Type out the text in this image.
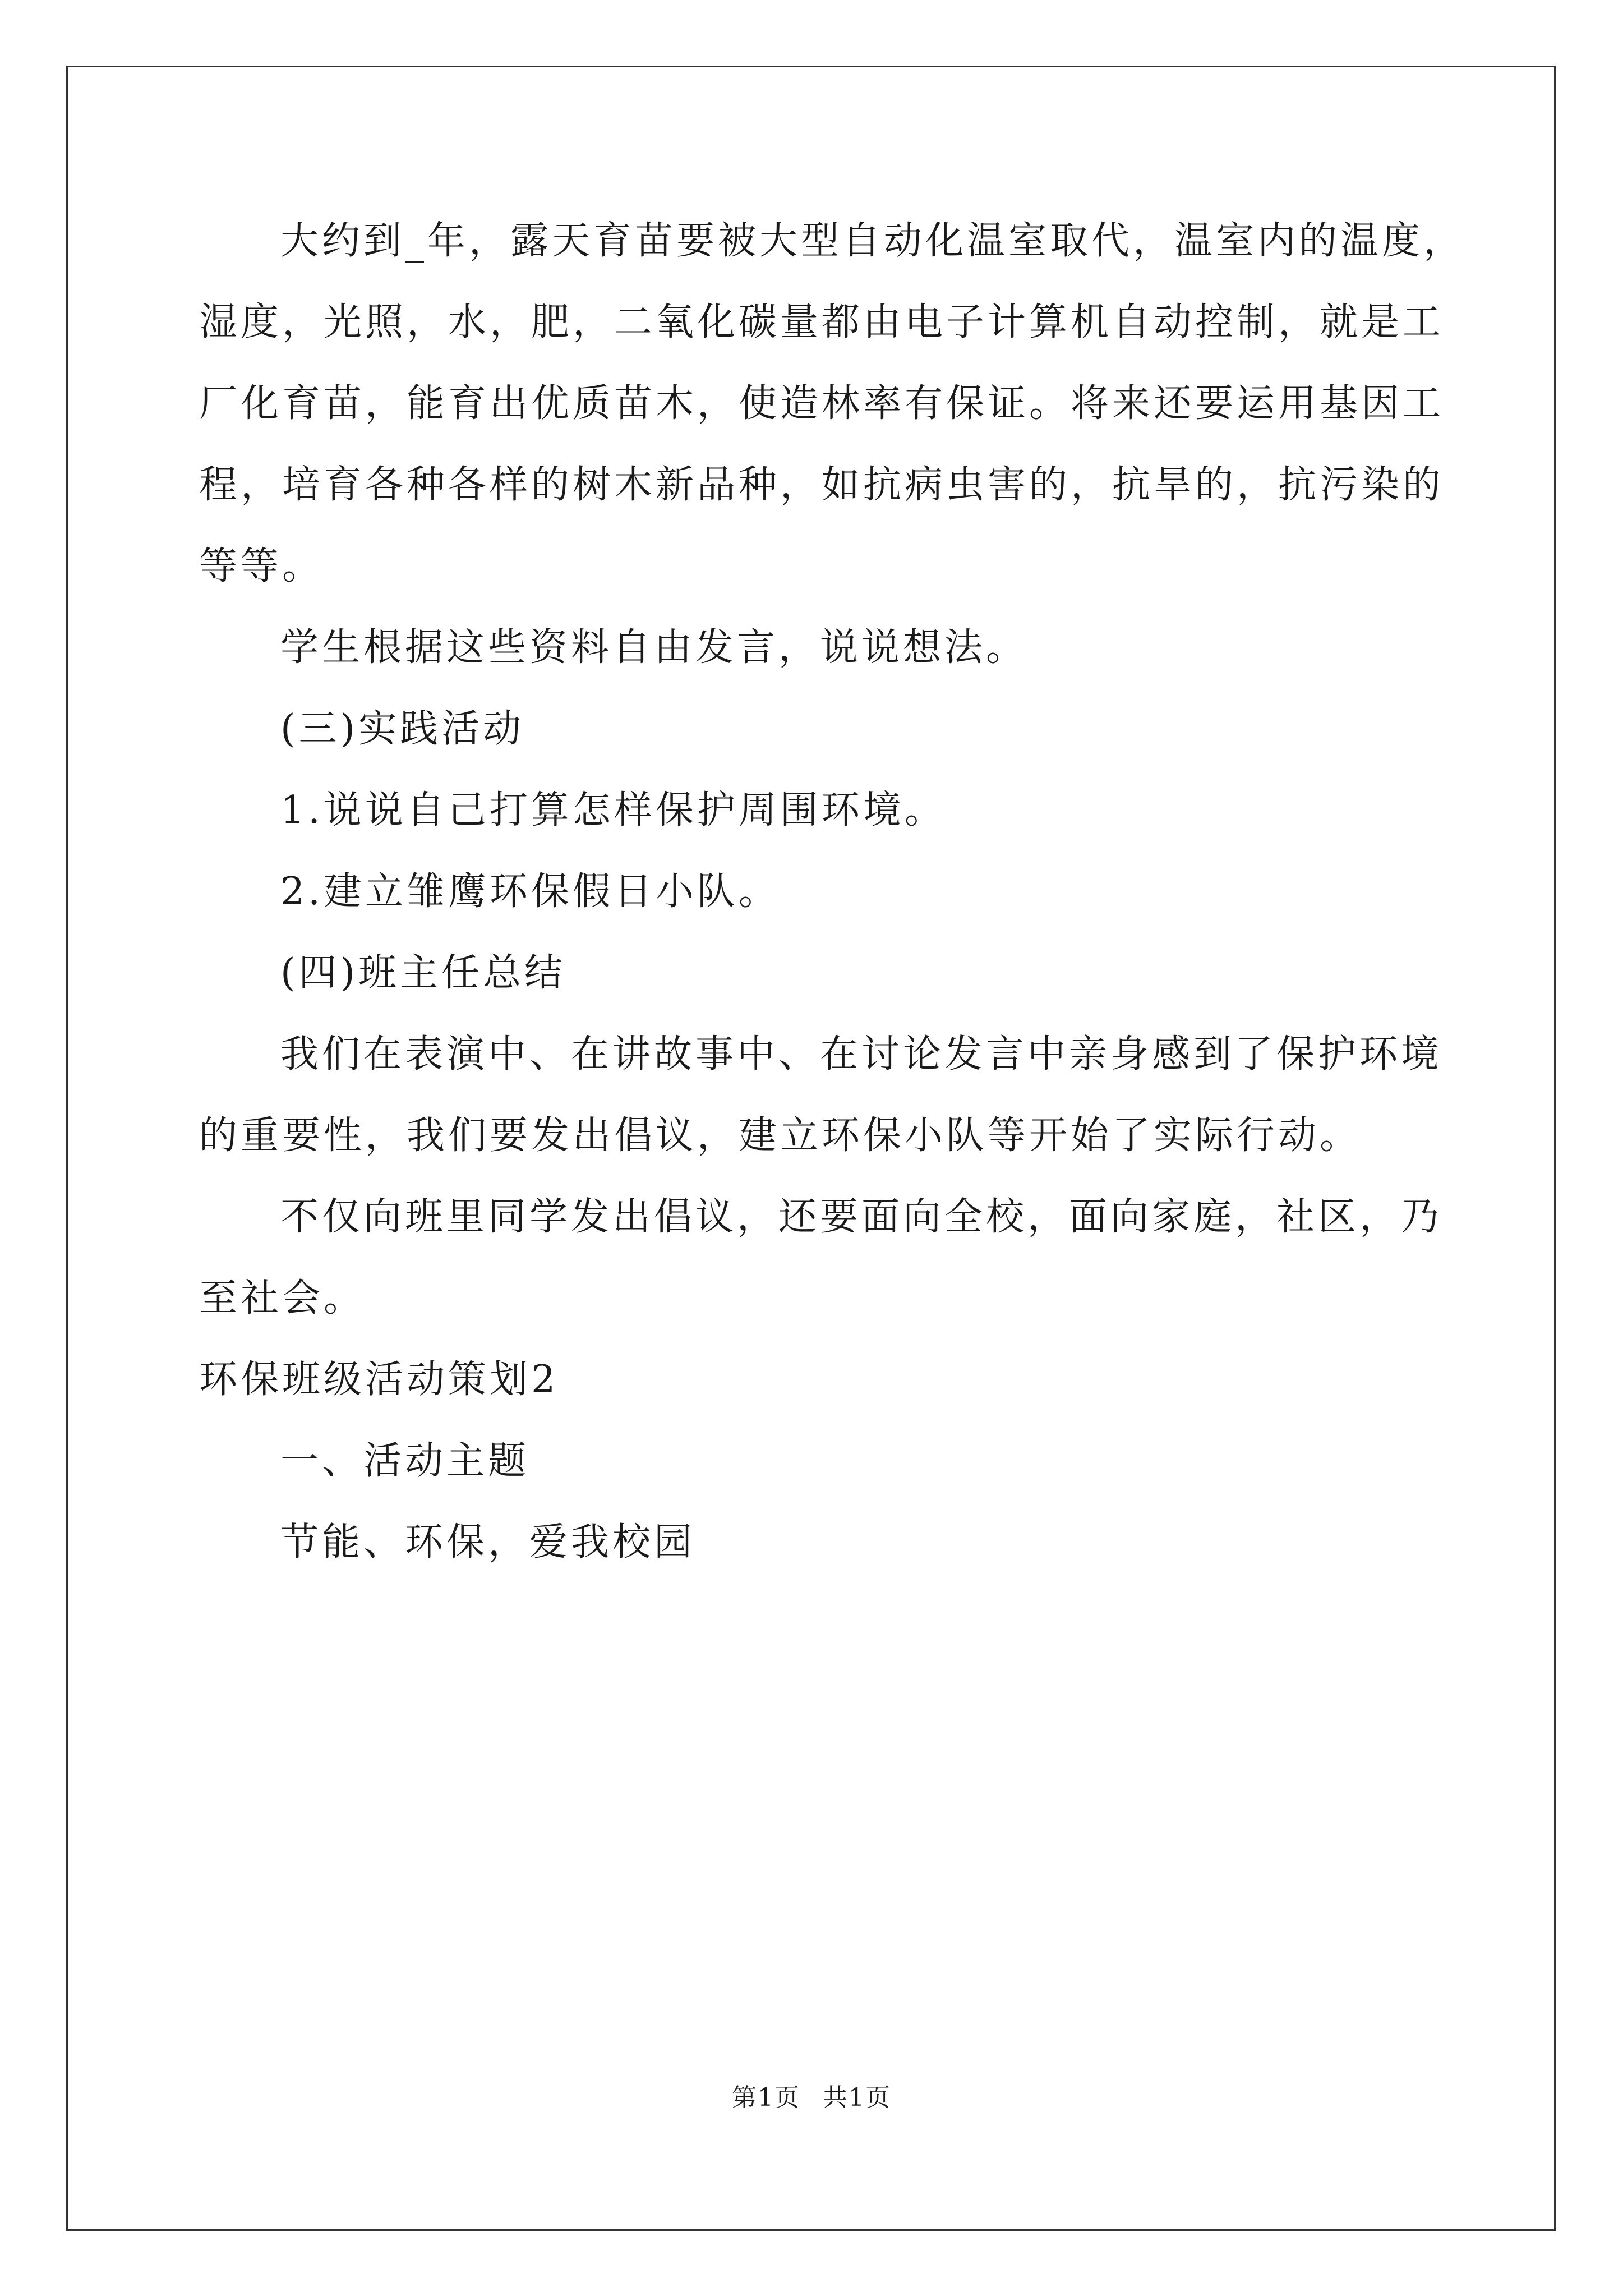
大约到_年，露天育苗要被大型自动化温室取代，温室内的温度，
湿度，光照，水，肥，二氧化碳量都由电子计算机自动控制，就是工
厂化育苗，能育出优质苗木，使造林率有保证。将来还要运用基因工
程，培育各种各样的树木新品种，如抗病虫害的，抗旱的，抗污染的
等等。
学生根据这些资料自由发言，说说想法。
(三)实践活动
1.说说自己打算怎样保护周围环境。
2.建立雏鹰环保假日小队。
(四)班主任总结
我们在表演中、在讲故事中、在讨论发言中亲身感到了保护环境
的重要性，我们要发出倡议，建立环保小队等开始了实际行动。
不仅向班里同学发出倡议，还要面向全校，面向家庭，社区，乃
至社会。
环保班级活动策划2
一、活动主题
节能、环保，爱我校园
第1页 共1页
